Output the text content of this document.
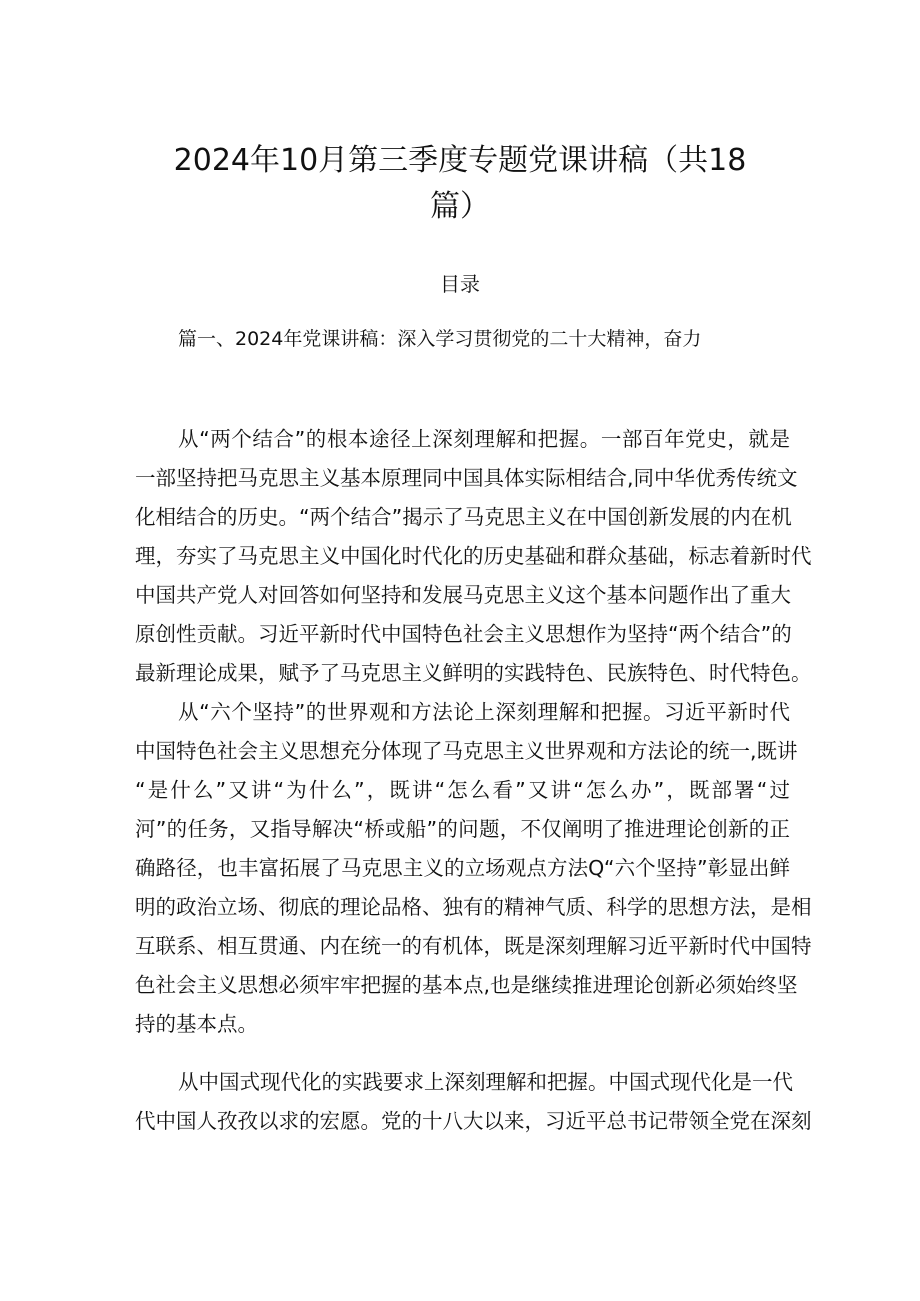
2024年10月第三季度专题党课讲稿（共18
篇）
目录
篇一、2024年党课讲稿：深入学习贯彻党的二十大精神，奋力
从“两个结合”的根本途径上深刻理解和把握。一部百年党史，就是
一部坚持把马克思主义基本原理同中国具体实际相结合,同中华优秀传统文
化相结合的历史。“两个结合”揭示了马克思主义在中国创新发展的内在机
理，夯实了马克思主义中国化时代化的历史基础和群众基础，标志着新时代
中国共产党人对回答如何坚持和发展马克思主义这个基本问题作出了重大
原创性贡献。习近平新时代中国特色社会主义思想作为坚持“两个结合”的
最新理论成果，赋予了马克思主义鲜明的实践特色、民族特色、时代特色。
从“六个坚持”的世界观和方法论上深刻理解和把握。习近平新时代
中国特色社会主义思想充分体现了马克思主义世界观和方法论的统一,既讲
“是什么”又讲“为什么”，既讲“怎么看”又讲“怎么办”，既部署“过
河”的任务，又指导解决“桥或船”的问题，不仅阐明了推进理论创新的正
确路径，也丰富拓展了马克思主义的立场观点方法Q“六个坚持”彰显出鲜
明的政治立场、彻底的理论品格、独有的精神气质、科学的思想方法，是相
互联系、相互贯通、内在统一的有机体，既是深刻理解习近平新时代中国特
色社会主义思想必须牢牢把握的基本点,也是继续推进理论创新必须始终坚
持的基本点。
从中国式现代化的实践要求上深刻理解和把握。中国式现代化是一代
代中国人孜孜以求的宏愿。党的十八大以来，习近平总书记带领全党在深刻
